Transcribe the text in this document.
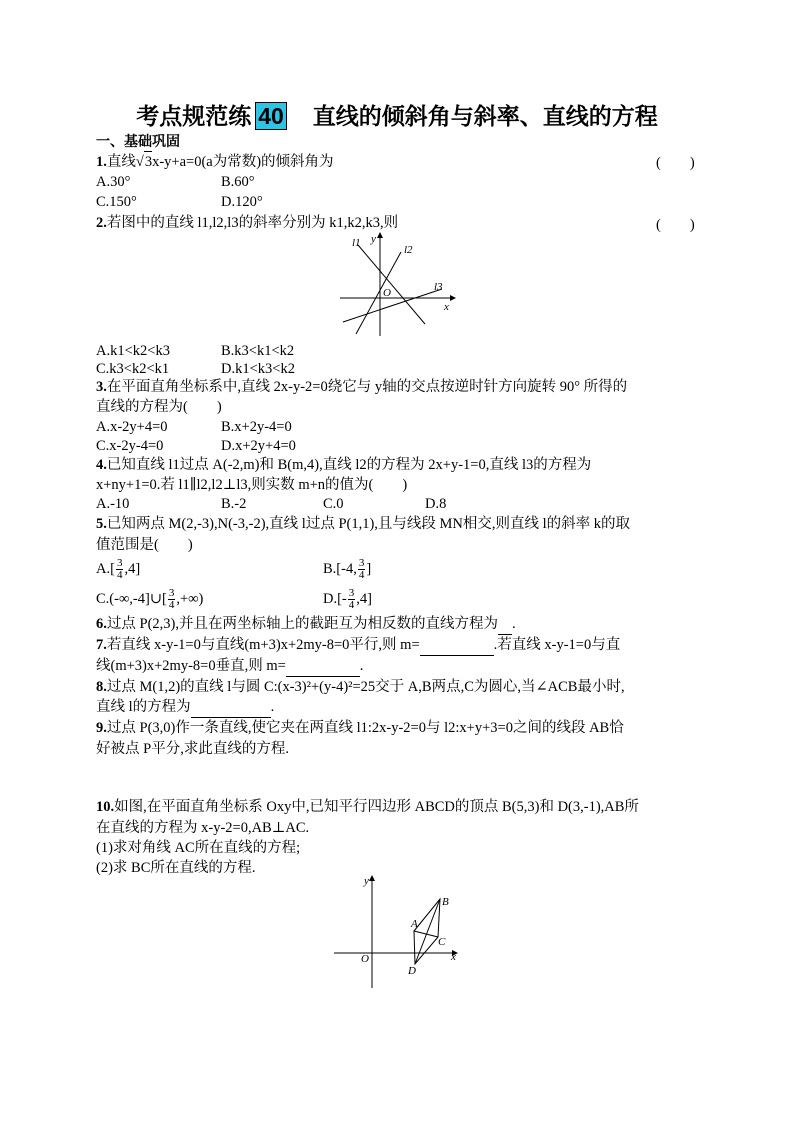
考点规范练 40 直线的倾斜角与斜率、直线的方程
一、基础巩固
1.直线√3x-y+a=0(a为常数)的倾斜角为	(　　)
A.30°	B.60°
C.150°	D.120°
2.若图中的直线 l1,l2,l3的斜率分别为 k1,k2,k3,则	(　　)
l1
l2
l3
y
x
O
A.k1<k2<k3	B.k3<k1<k2
C.k3<k2<k1	D.k1<k3<k2
3.在平面直角坐标系中,直线 2x-y-2=0绕它与 y轴的交点按逆时针方向旋转 90° 所得的
直线的方程为(　　)
A.x-2y+4=0	B.x+2y-4=0
C.x-2y-4=0	D.x+2y+4=0
4.已知直线 l1过点 A(-2,m)和 B(m,4),直线 l2的方程为 2x+y-1=0,直线 l3的方程为
x+ny+1=0.若 l1∥l2,l2⊥l3,则实数 m+n的值为(　　)
A.-10	B.-2	C.0	D.8
5.已知两点 M(2,-3),N(-3,-2),直线 l过点 P(1,1),且与线段 MN相交,则直线 l的斜率 k的取
值范围是(　　)
$A.[ \frac{3}{4} ,4]$	B.[-4, $\frac{3}{4}$ ]
C.(-∞,-4]∪[ $\frac{3}{4}$ ,+∞)	$D.[- \frac{3}{4} ,4]$
6.过点 P(2,3),并且在两坐标轴上的截距互为相反数的直线方程为 .
7.若直线 x-y-1=0与直线(m+3)x+2my-8=0平行,则 m=	.若直线 x-y-1=0与直
线(m+3)x+2my-8=0垂直,则 m=	.
8.过点 M(1,2)的直线 l与圆 C:(x-3)²+(y-4)²=25交于 A,B两点,C为圆心,当∠ACB最小时,
直线 l的方程为	.
9.过点 P(3,0)作一条直线,使它夹在两直线 l1:2x-y-2=0与 l2:x+y+3=0之间的线段 AB恰
好被点 P平分,求此直线的方程.
10.如图,在平面直角坐标系 Oxy中,已知平行四边形 ABCD的顶点 B(5,3)和 D(3,-1),AB所
在直线的方程为 x-y-2=0,AB⊥AC.
(1)求对角线 AC所在直线的方程;
(2)求 BC所在直线的方程.
y
x
O
A
B
C
D
